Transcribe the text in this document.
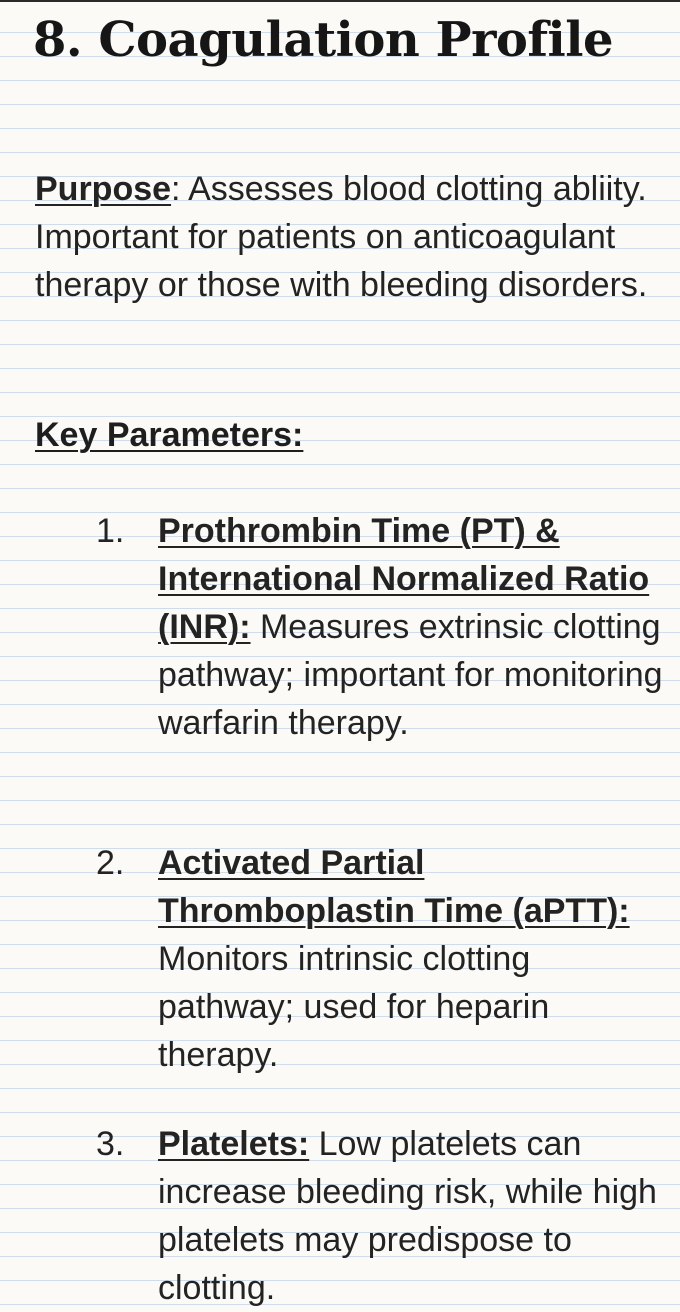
8. Coagulation Profile

Purpose: Assesses blood clotting abliity. Important for patients on anticoagulant therapy or those with bleeding disorders.

Key Parameters:
1. Prothrombin Time (PT) & International Normalized Ratio (INR): Measures extrinsic clotting pathway; important for monitoring warfarin therapy.
2. Activated Partial Thromboplastin Time (aPTT): Monitors intrinsic clotting pathway; used for heparin therapy.
3. Platelets: Low platelets can increase bleeding risk, while high platelets may predispose to clotting.
